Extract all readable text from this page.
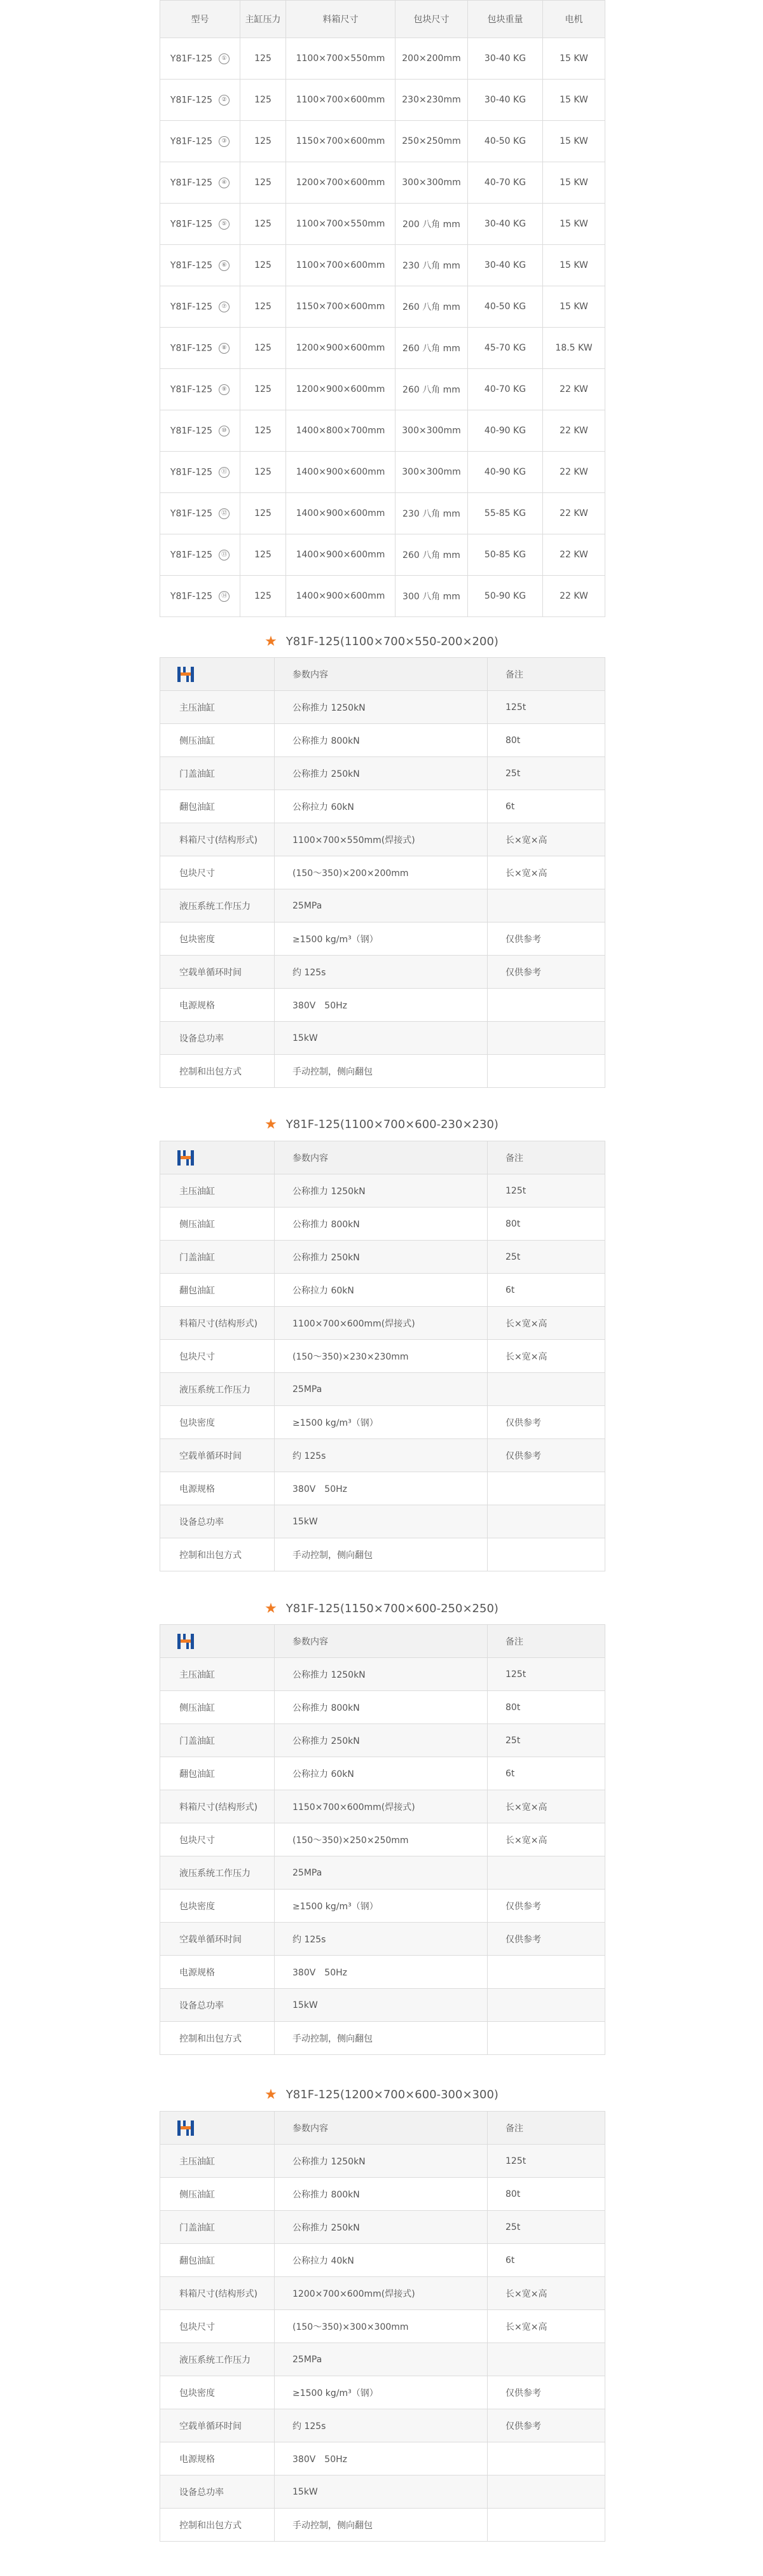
型号	主缸压力	料箱尺寸	包块尺寸	包块重量	电机
Y81F-125 ①	125	1100×700×550mm	200×200mm	30-40 KG	15 KW
Y81F-125 ②	125	1100×700×600mm	230×230mm	30-40 KG	15 KW
Y81F-125 ③	125	1150×700×600mm	250×250mm	40-50 KG	15 KW
Y81F-125 ④	125	1200×700×600mm	300×300mm	40-70 KG	15 KW
Y81F-125 ⑤	125	1100×700×550mm	200 八角 mm	30-40 KG	15 KW
Y81F-125 ⑥	125	1100×700×600mm	230 八角 mm	30-40 KG	15 KW
Y81F-125 ⑦	125	1150×700×600mm	260 八角 mm	40-50 KG	15 KW
Y81F-125 ⑧	125	1200×900×600mm	260 八角 mm	45-70 KG	18.5 KW
Y81F-125 ⑨	125	1200×900×600mm	260 八角 mm	40-70 KG	22 KW
Y81F-125 ⑩	125	1400×800×700mm	300×300mm	40-90 KG	22 KW
Y81F-125 ⑪	125	1400×900×600mm	300×300mm	40-90 KG	22 KW
Y81F-125 ⑫	125	1400×900×600mm	230 八角 mm	55-85 KG	22 KW
Y81F-125 ⑬	125	1400×900×600mm	260 八角 mm	50-85 KG	22 KW
Y81F-125 ⑭	125	1400×900×600mm	300 八角 mm	50-90 KG	22 KW
★ Y81F-125(1100×700×550-200×200)
	参数内容	备注
主压油缸	公称推力 1250kN	125t
侧压油缸	公称推力 800kN	80t
门盖油缸	公称推力 250kN	25t
翻包油缸	公称拉力 60kN	6t
料箱尺寸(结构形式)	1100×700×550mm(焊接式)	长×宽×高
包块尺寸	(150～350)×200×200mm	长×宽×高
液压系统工作压力	25MPa	
包块密度	≥1500 kg/m³（钢）	仅供参考
空载单循环时间	约 125s	仅供参考
电源规格	380V　50Hz	
设备总功率	15kW	
控制和出包方式	手动控制，侧向翻包	
★ Y81F-125(1100×700×600-230×230)
	参数内容	备注
主压油缸	公称推力 1250kN	125t
侧压油缸	公称推力 800kN	80t
门盖油缸	公称推力 250kN	25t
翻包油缸	公称拉力 60kN	6t
料箱尺寸(结构形式)	1100×700×600mm(焊接式)	长×宽×高
包块尺寸	(150～350)×230×230mm	长×宽×高
液压系统工作压力	25MPa	
包块密度	≥1500 kg/m³（钢）	仅供参考
空载单循环时间	约 125s	仅供参考
电源规格	380V　50Hz	
设备总功率	15kW	
控制和出包方式	手动控制，侧向翻包	
★ Y81F-125(1150×700×600-250×250)
	参数内容	备注
主压油缸	公称推力 1250kN	125t
侧压油缸	公称推力 800kN	80t
门盖油缸	公称推力 250kN	25t
翻包油缸	公称拉力 60kN	6t
料箱尺寸(结构形式)	1150×700×600mm(焊接式)	长×宽×高
包块尺寸	(150～350)×250×250mm	长×宽×高
液压系统工作压力	25MPa	
包块密度	≥1500 kg/m³（钢）	仅供参考
空载单循环时间	约 125s	仅供参考
电源规格	380V　50Hz	
设备总功率	15kW	
控制和出包方式	手动控制，侧向翻包	
★ Y81F-125(1200×700×600-300×300)
	参数内容	备注
主压油缸	公称推力 1250kN	125t
侧压油缸	公称推力 800kN	80t
门盖油缸	公称推力 250kN	25t
翻包油缸	公称拉力 40kN	6t
料箱尺寸(结构形式)	1200×700×600mm(焊接式)	长×宽×高
包块尺寸	(150～350)×300×300mm	长×宽×高
液压系统工作压力	25MPa	
包块密度	≥1500 kg/m³（钢）	仅供参考
空载单循环时间	约 125s	仅供参考
电源规格	380V　50Hz	
设备总功率	15kW	
控制和出包方式	手动控制，侧向翻包	
